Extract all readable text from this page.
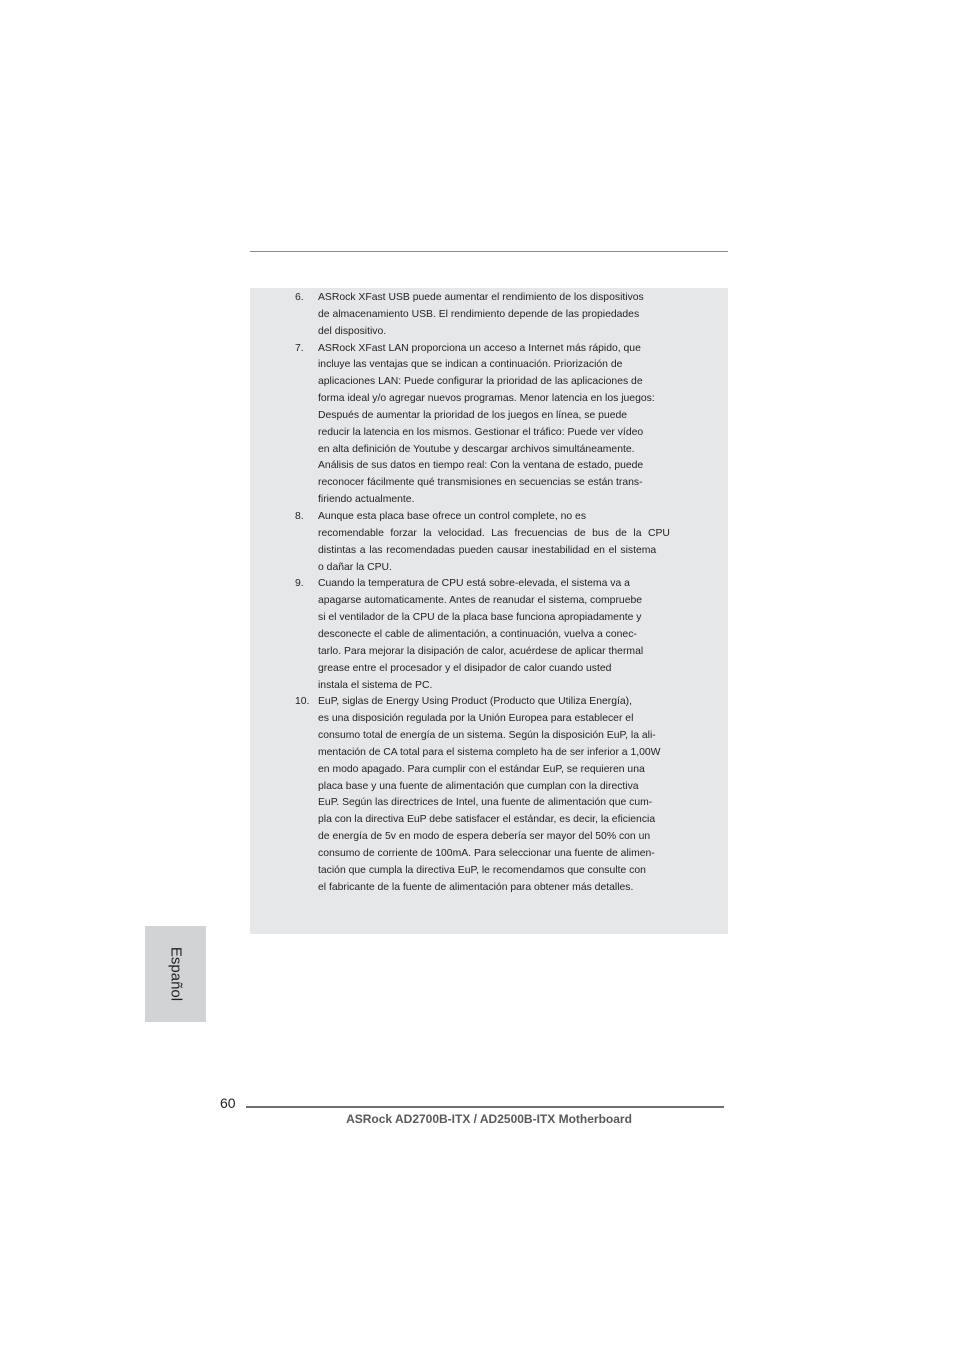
6.	ASRock XFast USB puede aumentar el rendimiento de los dispositivos
de almacenamiento USB. El rendimiento depende de las propiedades
del dispositivo.
7.	ASRock XFast LAN proporciona un acceso a Internet más rápido, que
incluye las ventajas que se indican a continuación. Priorización de
aplicaciones LAN: Puede configurar la prioridad de las aplicaciones de
forma ideal y/o agregar nuevos programas. Menor latencia en los juegos:
Después de aumentar la prioridad de los juegos en línea, se puede
reducir la latencia en los mismos. Gestionar el tráfico: Puede ver vídeo
en alta definición de Youtube y descargar archivos simultáneamente.
Análisis de sus datos en tiempo real: Con la ventana de estado, puede
reconocer fácilmente qué transmisiones en secuencias se están trans-
firiendo actualmente.
8.	Aunque esta placa base ofrece un control complete, no es
recomendable forzar la velocidad. Las frecuencias de bus de la CPU
distintas a las recomendadas pueden causar inestabilidad en el sistema
o dañar la CPU.
9.	Cuando la temperatura de CPU está sobre-elevada, el sistema va a
apagarse automaticamente. Antes de reanudar el sistema, compruebe
si el ventilador de la CPU de la placa base funciona apropiadamente y
desconecte el cable de alimentación, a continuación, vuelva a conec-
tarlo. Para mejorar la disipación de calor, acuérdese de aplicar thermal
grease entre el procesador y el disipador de calor cuando usted
instala el sistema de PC.
10. EuP, siglas de Energy Using Product (Producto que Utiliza Energía),
es una disposición regulada por la Unión Europea para establecer el
consumo total de energía de un sistema. Según la disposición EuP, la ali-
mentación de CA total para el sistema completo ha de ser inferior a 1,00W
en modo apagado. Para cumplir con el estándar EuP, se requieren una
placa base y una fuente de alimentación que cumplan con la directiva
EuP. Según las directrices de Intel, una fuente de alimentación que cum-
pla con la directiva EuP debe satisfacer el estándar, es decir, la eficiencia
de energía de 5v en modo de espera debería ser mayor del 50% con un
consumo de corriente de 100mA. Para seleccionar una fuente de alimen-
tación que cumpla la directiva EuP, le recomendamos que consulte con
el fabricante de la fuente de alimentación para obtener más detalles.
Español
60
ASRock AD2700B-ITX / AD2500B-ITX Motherboard
